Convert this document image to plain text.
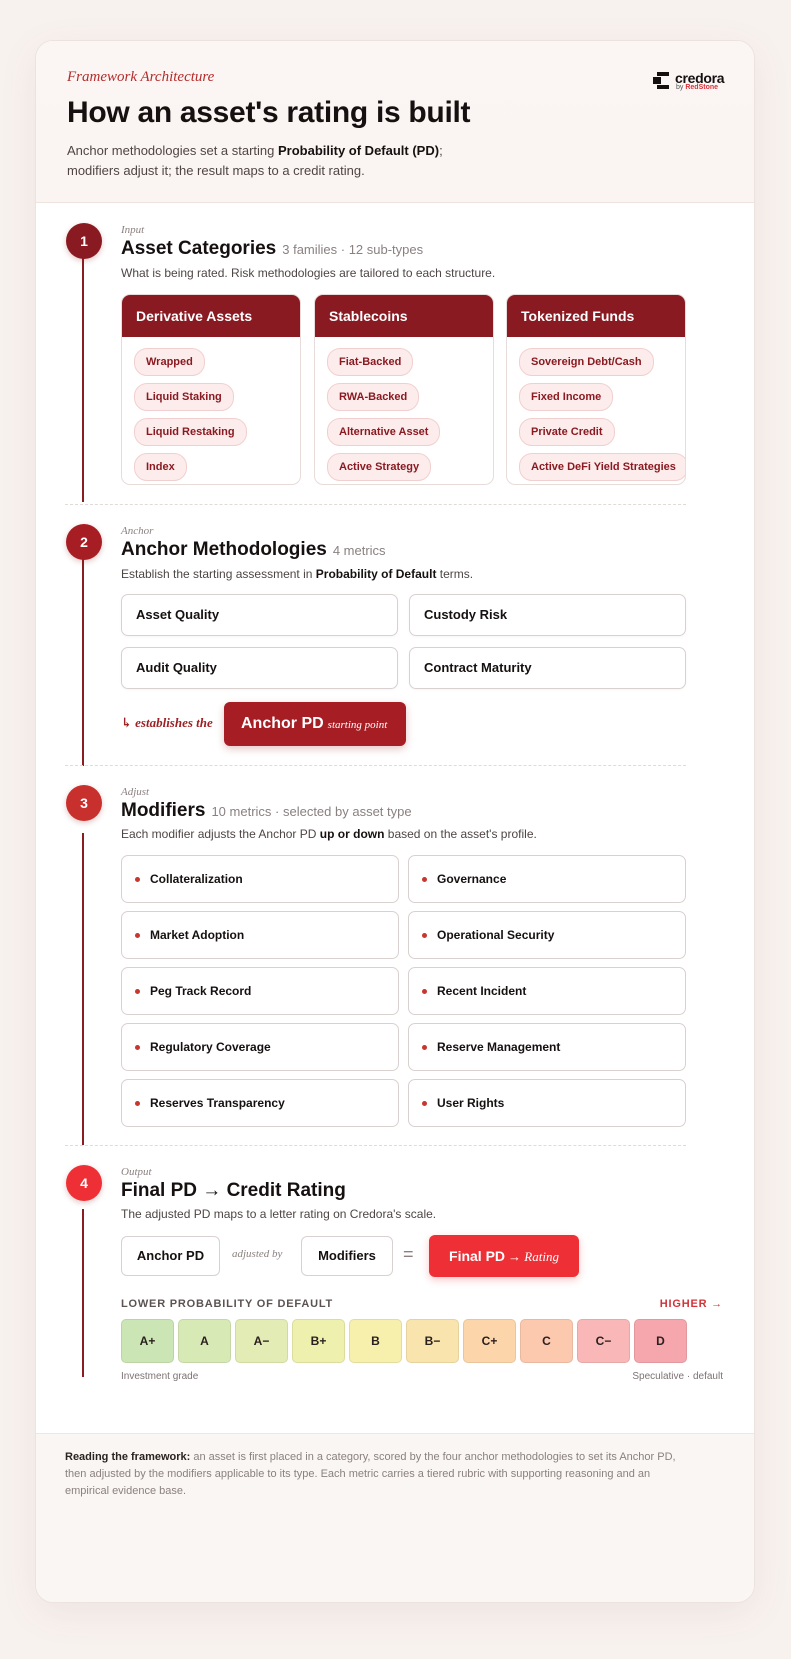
Framework Architecture
How an asset's rating is built
Anchor methodologies set a starting Probability of Default (PD); modifiers adjust it; the result maps to a credit rating.
credora
by RedStone
1
Input
Asset Categories 3 families · 12 sub-types
What is being rated. Risk methodologies are tailored to each structure.
Derivative Assets
Wrapped
Liquid Staking
Liquid Restaking
Index
Stablecoins
Fiat-Backed
RWA-Backed
Alternative Asset
Active Strategy
Tokenized Funds
Sovereign Debt/Cash
Fixed Income
Private Credit
Active DeFi Yield Strategies
2
Anchor
Anchor Methodologies 4 metrics
Establish the starting assessment in Probability of Default terms.
Asset Quality	Custody Risk
Audit Quality	Contract Maturity
↳ establishes the	Anchor PD starting point
3
Adjust
Modifiers 10 metrics · selected by asset type
Each modifier adjusts the Anchor PD up or down based on the asset's profile.
Collateralization	Governance
Market Adoption	Operational Security
Peg Track Record	Recent Incident
Regulatory Coverage	Reserve Management
Reserves Transparency	User Rights
4
Output
Final PD → Credit Rating
The adjusted PD maps to a letter rating on Credora's scale.
Anchor PD	adjusted by	Modifiers	=	Final PD → Rating
LOWER PROBABILITY OF DEFAULT	HIGHER →
A+	A	A−	B+	B	B−	C+	C	C−	D
Investment grade	Speculative · default

Reading the framework: an asset is first placed in a category, scored by the four anchor methodologies to set its Anchor PD, then adjusted by the modifiers applicable to its type. Each metric carries a tiered rubric with supporting reasoning and an empirical evidence base.
